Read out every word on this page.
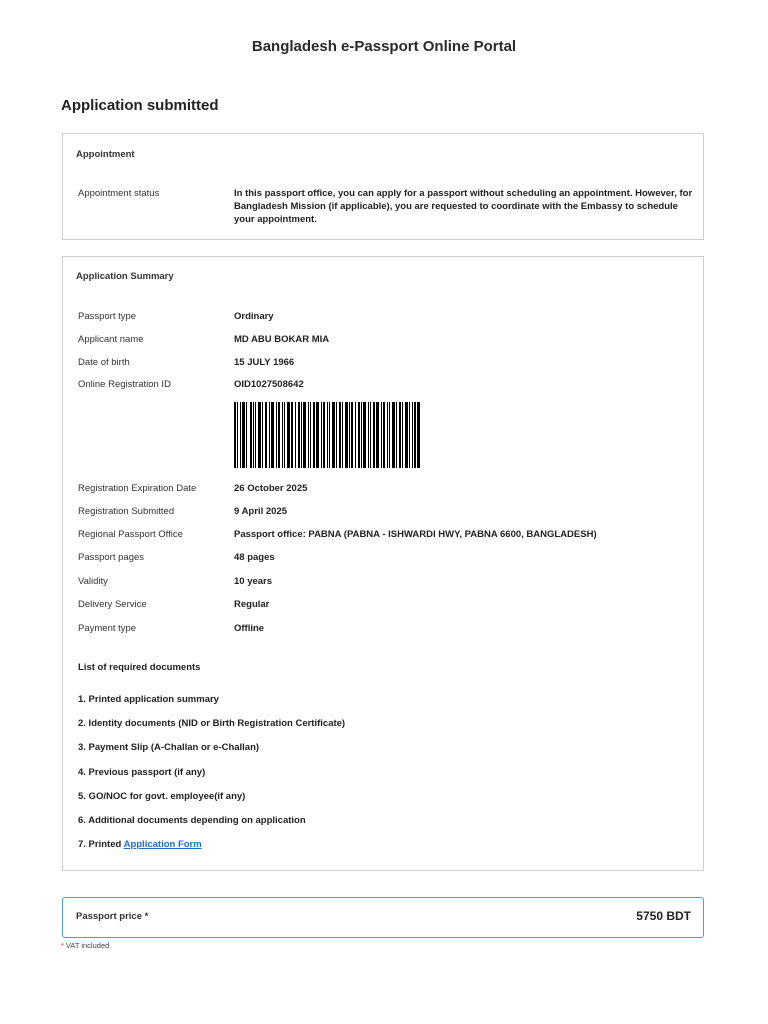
Bangladesh e-Passport Online Portal
Application submitted
Appointment
Appointment status	In this passport office, you can apply for a passport without scheduling an appointment. However, for Bangladesh Mission (if applicable), you are requested to coordinate with the Embassy to schedule your appointment.
Application Summary
Passport type	Ordinary
Applicant name	MD ABU BOKAR MIA
Date of birth	15 JULY 1966
Online Registration ID	OID1027508642
Registration Expiration Date	26 October 2025
Registration Submitted	9 April 2025
Regional Passport Office	Passport office: PABNA (PABNA - ISHWARDI HWY, PABNA 6600, BANGLADESH)
Passport pages	48 pages
Validity	10 years
Delivery Service	Regular
Payment type	Offline
List of required documents
1. Printed application summary
2. Identity documents (NID or Birth Registration Certificate)
3. Payment Slip (A-Challan or e-Challan)
4. Previous passport (if any)
5. GO/NOC for govt. employee(if any)
6. Additional documents depending on application
7. Printed Application Form
Passport price *	5750 BDT
* VAT included
